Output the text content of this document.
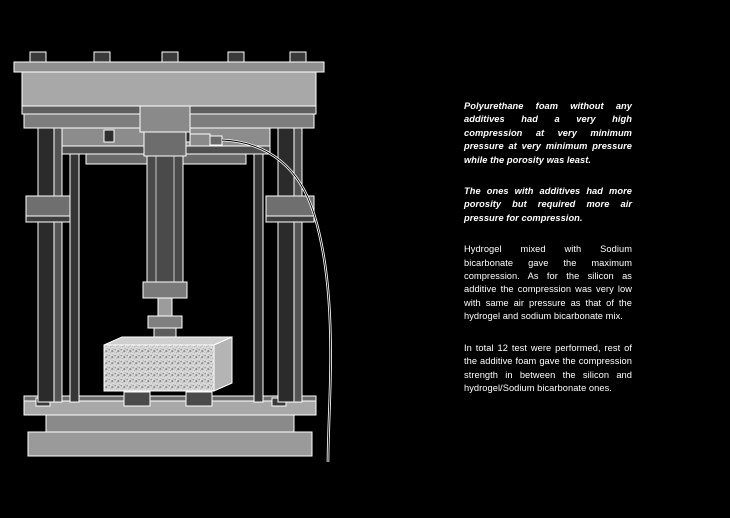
Polyurethane foam without any additives had a very high compression at very minimum pressure at very minimum pressure while the porosity was least.

The ones with additives had more porosity but required more air pressure for compression.

Hydrogel mixed with Sodium bicarbonate gave the maximum compression. As for the silicon as additive the compression was very low with same air pressure as that of the hydrogel and sodium bicarbonate mix.

In total 12 test were performed, rest of the additive foam gave the compression strength in between the silicon and hydrogel/Sodium bicarbonate ones.
